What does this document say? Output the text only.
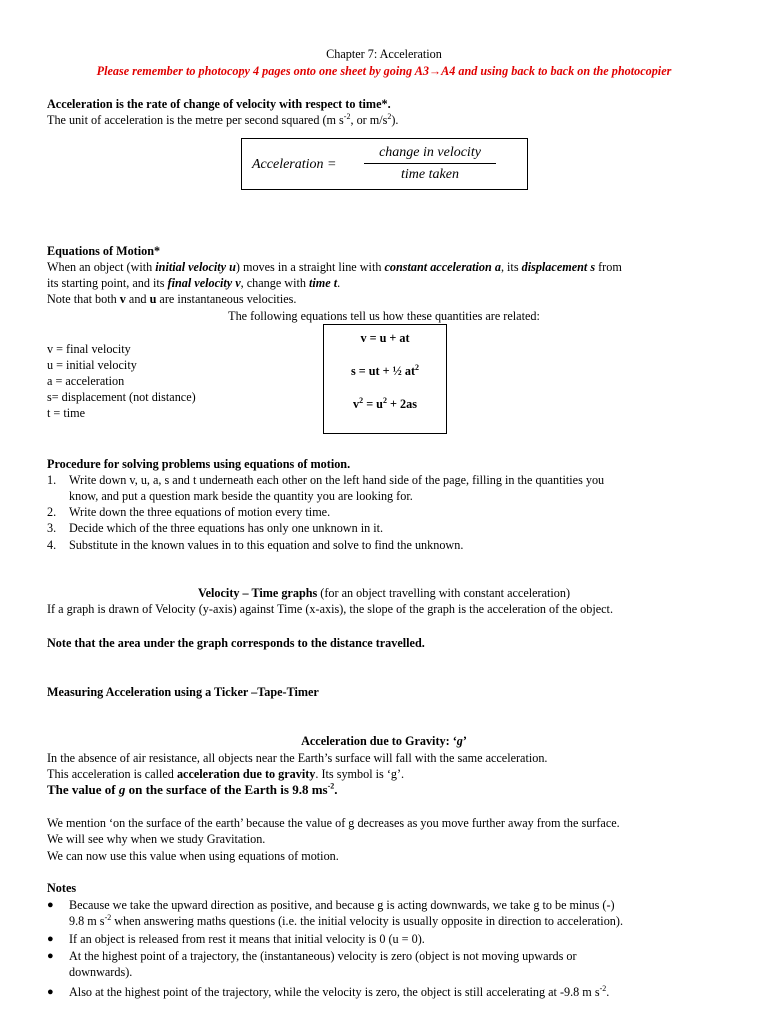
Chapter 7: Acceleration
Please remember to photocopy 4 pages onto one sheet by going A3→A4 and using back to back on the photocopier
Acceleration is the rate of change of velocity with respect to time*.
The unit of acceleration is the metre per second squared (m $s^{-2}$, or $m/s^2$).
Acceleration =
change in velocity
time taken
Equations of Motion*
When an object (with initial velocity u) moves in a straight line with constant acceleration a, its displacement s from
its starting point, and its final velocity v, change with time t.
Note that both v and u are instantaneous velocities.
The following equations tell us how these quantities are related:
v = final velocity
u = initial velocity
a = acceleration
s= displacement (not distance)
t = time
v = u + at
s = ut + ½ $at^2$
$v^2 = u^2 + 2as$
Procedure for solving problems using equations of motion.
1. Write down v, u, a, s and t underneath each other on the left hand side of the page, filling in the quantities you
know, and put a question mark beside the quantity you are looking for.
2. Write down the three equations of motion every time.
3. Decide which of the three equations has only one unknown in it.
4. Substitute in the known values in to this equation and solve to find the unknown.
Velocity – Time graphs (for an object travelling with constant acceleration)
If a graph is drawn of Velocity (y-axis) against Time (x-axis), the slope of the graph is the acceleration of the object.
Note that the area under the graph corresponds to the distance travelled.
Measuring Acceleration using a Ticker –Tape-Timer
Acceleration due to Gravity: ‘g’
In the absence of air resistance, all objects near the Earth’s surface will fall with the same acceleration.
This acceleration is called acceleration due to gravity. Its symbol is ‘g’.
The value of g on the surface of the Earth is 9.8 $ms^{-2}$.
We mention ‘on the surface of the earth’ because the value of g decreases as you move further away from the surface.
We will see why when we study Gravitation.
We can now use this value when using equations of motion.
Notes
● Because we take the upward direction as positive, and because g is acting downwards, we take g to be minus (-)
9.8 m $s^{-2}$ when answering maths questions (i.e. the initial velocity is usually opposite in direction to acceleration).
● If an object is released from rest it means that initial velocity is 0 (u = 0).
● At the highest point of a trajectory, the (instantaneous) velocity is zero (object is not moving upwards or
downwards).
● Also at the highest point of the trajectory, while the velocity is zero, the object is still accelerating at -9.8 m $s^{-2}$.
